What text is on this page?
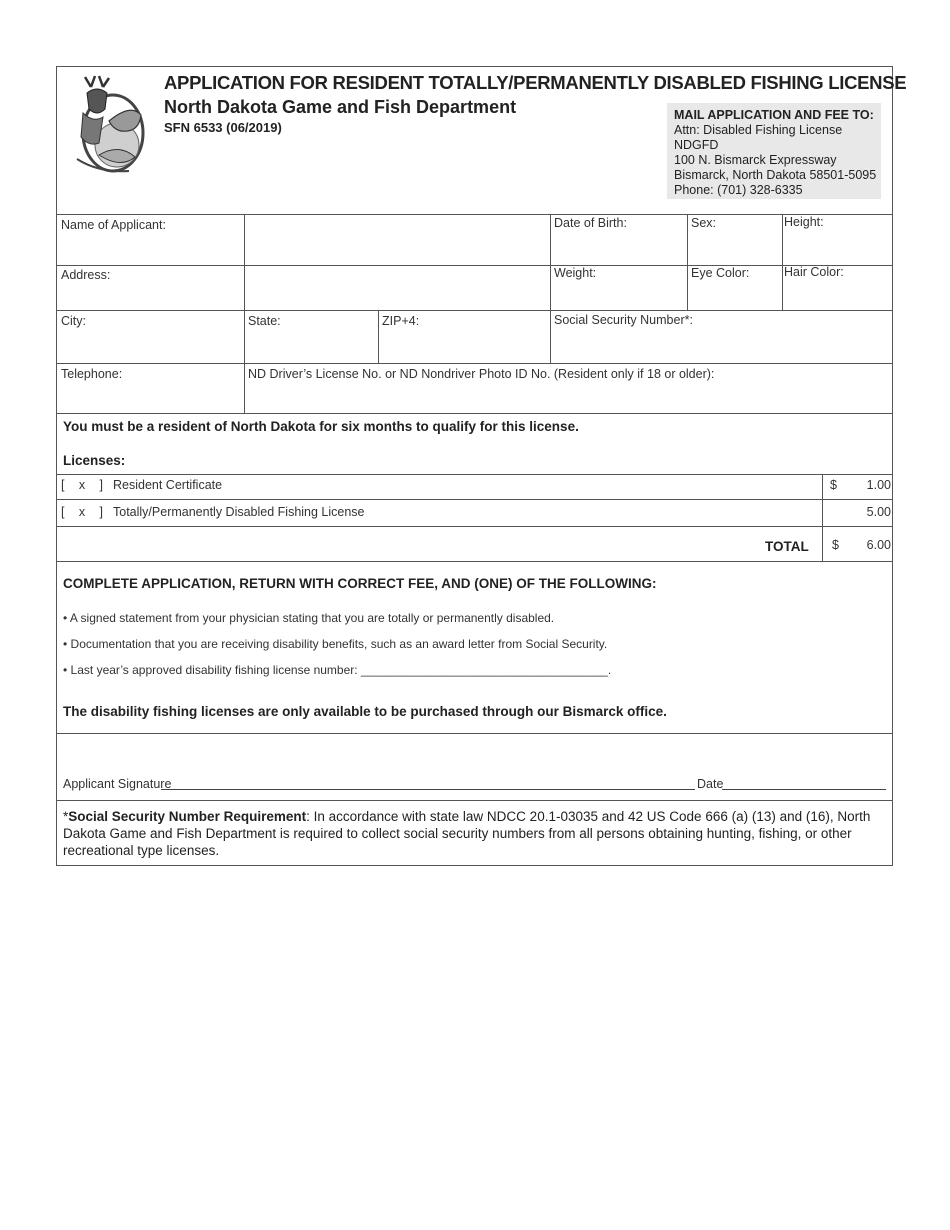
APPLICATION FOR RESIDENT TOTALLY/PERMANENTLY DISABLED FISHING LICENSE
North Dakota Game and Fish Department
SFN 6533 (06/2019)
MAIL APPLICATION AND FEE TO:
Attn: Disabled Fishing License
NDGFD
100 N. Bismarck Expressway
Bismarck, North Dakota 58501-5095
Phone: (701) 328-6335
Name of Applicant:	Date of Birth:	Sex:	Height:
Address:	Weight:	Eye Color:	Hair Color:
City:	State:	ZIP+4:	Social Security Number*:
Telephone:	ND Driver’s License No. or ND Nondriver Photo ID No. (Resident only if 18 or older):
You must be a resident of North Dakota for six months to qualify for this license.
Licenses:
[ x ] Resident Certificate	$	1.00
[ x ] Totally/Permanently Disabled Fishing License	5.00
TOTAL $	6.00
COMPLETE APPLICATION, RETURN WITH CORRECT FEE, AND (ONE) OF THE FOLLOWING:
• A signed statement from your physician stating that you are totally or permanently disabled.
• Documentation that you are receiving disability benefits, such as an award letter from Social Security.
• Last year’s approved disability fishing license number: _____________________________________.
The disability fishing licenses are only available to be purchased through our Bismarck office.
Applicant Signature	Date
*Social Security Number Requirement: In accordance with state law NDCC 20.1-03035 and 42 US Code 666 (a) (13) and (16), North Dakota Game and Fish Department is required to collect social security numbers from all persons obtaining hunting, fishing, or other recreational type licenses.
